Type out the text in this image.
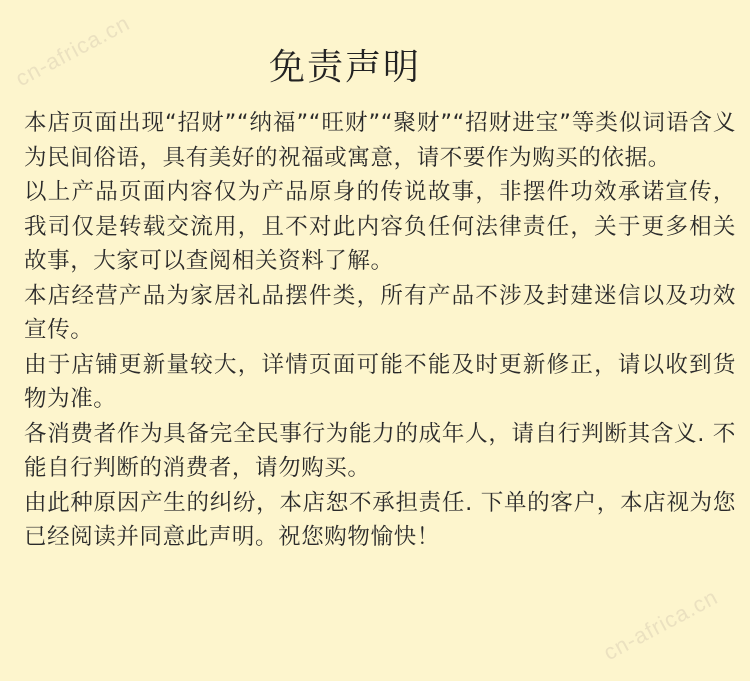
cn-africa.cn
cn-africa.cn
免责声明

本店页面出现“招财”“纳福”“旺财”“聚财”“招财进宝”等类似词语含义为民间俗语，具有美好的祝福或寓意，请不要作为购买的依据。

以上产品页面内容仅为产品原身的传说故事，非摆件功效承诺宣传，我司仅是转载交流用，且不对此内容负任何法律责任，关于更多相关故事，大家可以查阅相关资料了解。

本店经营产品为家居礼品摆件类，所有产品不涉及封建迷信以及功效宣传。

由于店铺更新量较大，详情页面可能不能及时更新修正，请以收到货物为准。

各消费者作为具备完全民事行为能力的成年人，请自行判断其含义. 不能自行判断的消费者，请勿购买。

由此种原因产生的纠纷，本店恕不承担责任. 下单的客户，本店视为您已经阅读并同意此声明。祝您购物愉快！
